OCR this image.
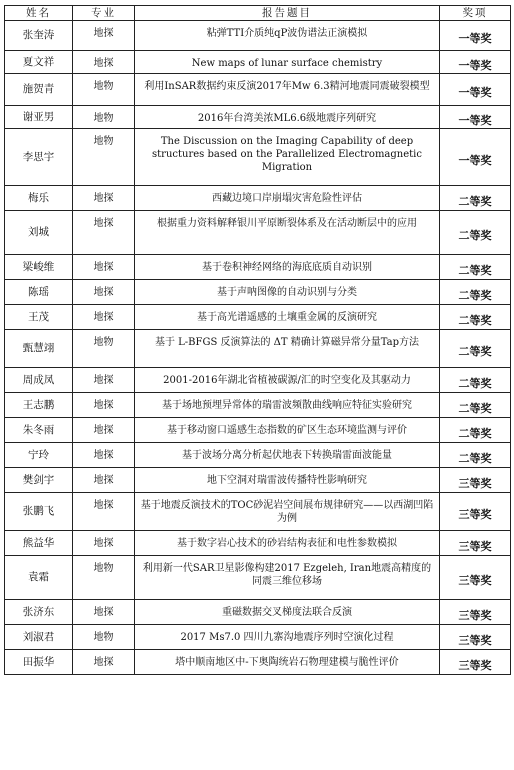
姓名	专业	报告题目	奖项
张奎涛	地探	粘弹TTI介质纯qP波伪谱法正演模拟	一等奖
夏文祥	地探	New maps of lunar surface chemistry	一等奖
施贺青	地物	利用InSAR数据约束反演2017年Mw 6.3精河地震同震破裂模型	一等奖
谢亚男	地物	2016年台湾美浓ML6.6级地震序列研究	一等奖
李思宇	地物	The Discussion on the Imaging Capability of deep structures based on the Parallelized Electromagnetic Migration	一等奖
梅乐	地探	西藏边境口岸崩塌灾害危险性评估	二等奖
刘城	地探	根据重力资料解释银川平原断裂体系及在活动断层中的应用	二等奖
梁峻维	地探	基于卷积神经网络的海底底质自动识别	二等奖
陈瑶	地探	基于声呐图像的自动识别与分类	二等奖
王茂	地探	基于高光谱遥感的土壤重金属的反演研究	二等奖
甄慧翊	地物	基于 L-BFGS 反演算法的 ΔT 精确计算磁异常分量Tap方法	二等奖
周成凤	地探	2001-2016年湖北省植被碳源/汇的时空变化及其驱动力	二等奖
王志鹏	地探	基于场地预埋异常体的瑞雷波频散曲线响应特征实验研究	二等奖
朱冬雨	地探	基于移动窗口遥感生态指数的矿区生态环境监测与评价	二等奖
宁玲	地探	基于波场分离分析起伏地表下转换瑞雷面波能量	二等奖
樊剑宇	地探	地下空洞对瑞雷波传播特性影响研究	三等奖
张鹏飞	地探	基于地震反演技术的TOC砂泥岩空间展布规律研究——以西湖凹陷为例	三等奖
熊益华	地探	基于数字岩心技术的砂岩结构表征和电性参数模拟	三等奖
袁霜	地物	利用新一代SAR卫星影像构建2017 Ezgeleh, Iran地震高精度的同震三维位移场	三等奖
张济东	地探	重磁数据交叉梯度法联合反演	三等奖
刘淑君	地物	2017 Ms7.0 四川九寨沟地震序列时空演化过程	三等奖
田振华	地探	塔中顺南地区中-下奥陶统岩石物理建模与脆性评价	三等奖
